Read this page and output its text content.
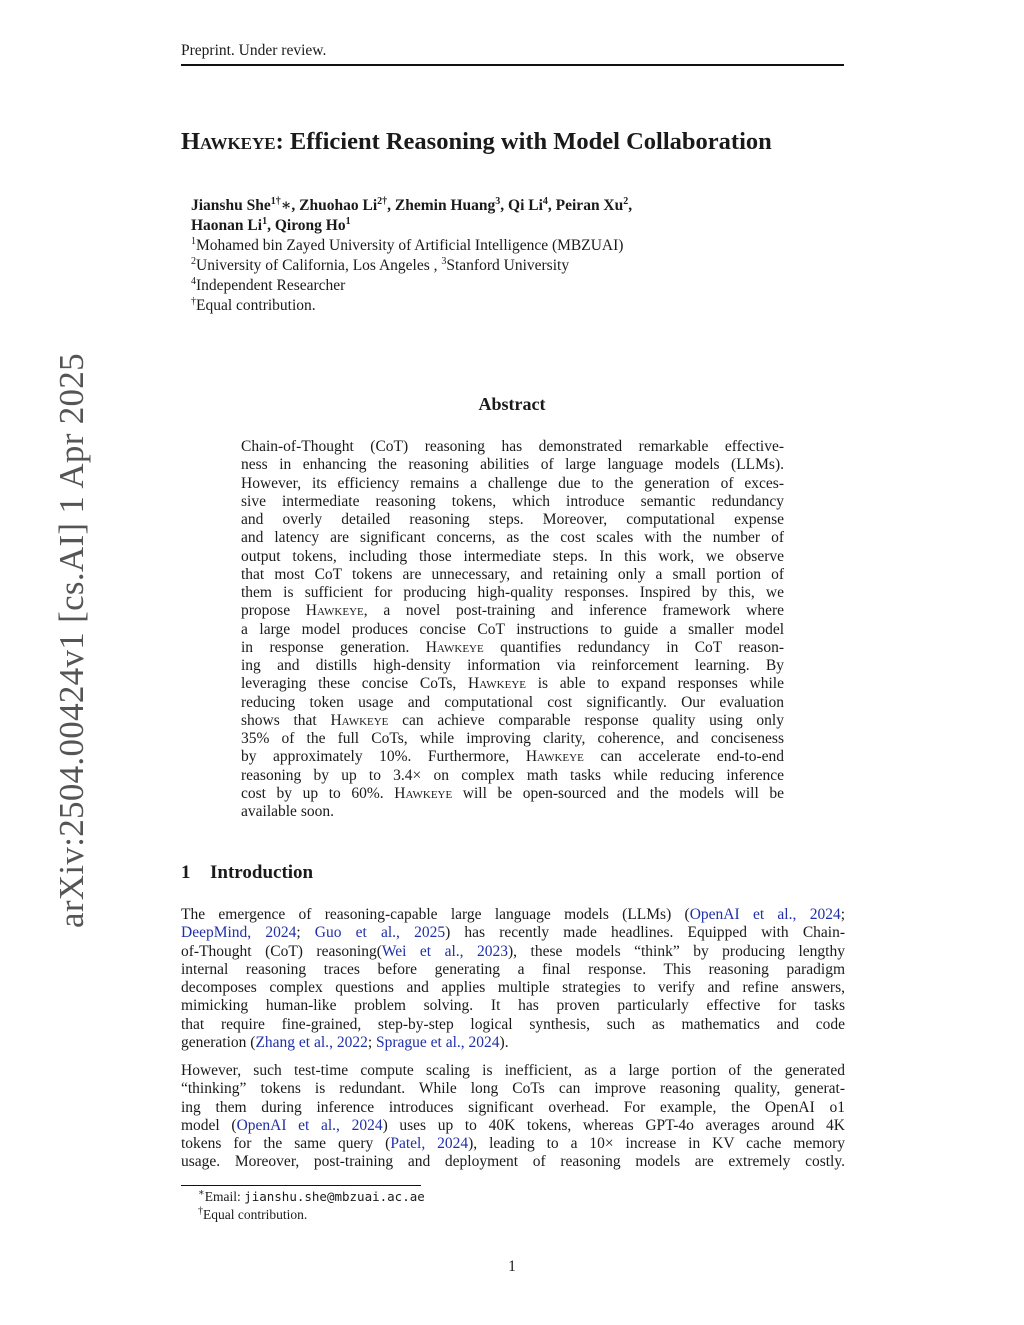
Preprint. Under review.
arXiv:2504.00424v1 [cs.AI] 1 Apr 2025
Hawkeye: Efficient Reasoning with Model Collaboration
Jianshu She$^{1\dagger}$∗, Zhuohao $Li^{2\dagger}$, Zhemin Huang$^3$, Qi Li$^4$, Peiran Xu$^2$,
Haonan Li$^1$, Qirong Ho$^1$
$^1$Mohamed bin Zayed University of Artificial Intelligence (MBZUAI)
$^2$University of California, Los Angeles , $^3$Stanford University
$^4$Independent Researcher
†Equal contribution.
Abstract
Chain-of-Thought (CoT) reasoning has demonstrated remarkable effective-
ness in enhancing the reasoning abilities of large language models (LLMs).
However, its efficiency remains a challenge due to the generation of exces-
sive intermediate reasoning tokens, which introduce semantic redundancy
and overly detailed reasoning steps. Moreover, computational expense
and latency are significant concerns, as the cost scales with the number of
output tokens, including those intermediate steps. In this work, we observe
that most CoT tokens are unnecessary, and retaining only a small portion of
them is sufficient for producing high-quality responses. Inspired by this, we
propose Hawkeye, a novel post-training and inference framework where
a large model produces concise CoT instructions to guide a smaller model
in response generation. Hawkeye quantifies redundancy in CoT reason-
ing and distills high-density information via reinforcement learning. By
leveraging these concise CoTs, Hawkeye is able to expand responses while
reducing token usage and computational cost significantly. Our evaluation
shows that Hawkeye can achieve comparable response quality using only
35% of the full CoTs, while improving clarity, coherence, and conciseness
by approximately 10%. Furthermore, Hawkeye can accelerate end-to-end
reasoning by up to 3.4× on complex math tasks while reducing inference
cost by up to 60%. Hawkeye will be open-sourced and the models will be
available soon.
1 Introduction
The emergence of reasoning-capable large language models (LLMs) (OpenAI et al., 2024;
DeepMind, 2024; Guo et al., 2025) has recently made headlines. Equipped with Chain-
of-Thought (CoT) reasoning(Wei et al., 2023), these models “think” by producing lengthy
internal reasoning traces before generating a final response. This reasoning paradigm
decomposes complex questions and applies multiple strategies to verify and refine answers,
mimicking human-like problem solving. It has proven particularly effective for tasks
that require fine-grained, step-by-step logical synthesis, such as mathematics and code
generation (Zhang et al., 2022; Sprague et al., 2024).
However, such test-time compute scaling is inefficient, as a large portion of the generated
“thinking” tokens is redundant. While long CoTs can improve reasoning quality, generat-
ing them during inference introduces significant overhead. For example, the OpenAI o1
model (OpenAI et al., 2024) uses up to 40K tokens, whereas GPT-4o averages around 4K
tokens for the same query (Patel, 2024), leading to a 10× increase in KV cache memory
usage. Moreover, post-training and deployment of reasoning models are extremely costly.
∗Email: jianshu.she@mbzuai.ac.ae
†Equal contribution.
1
